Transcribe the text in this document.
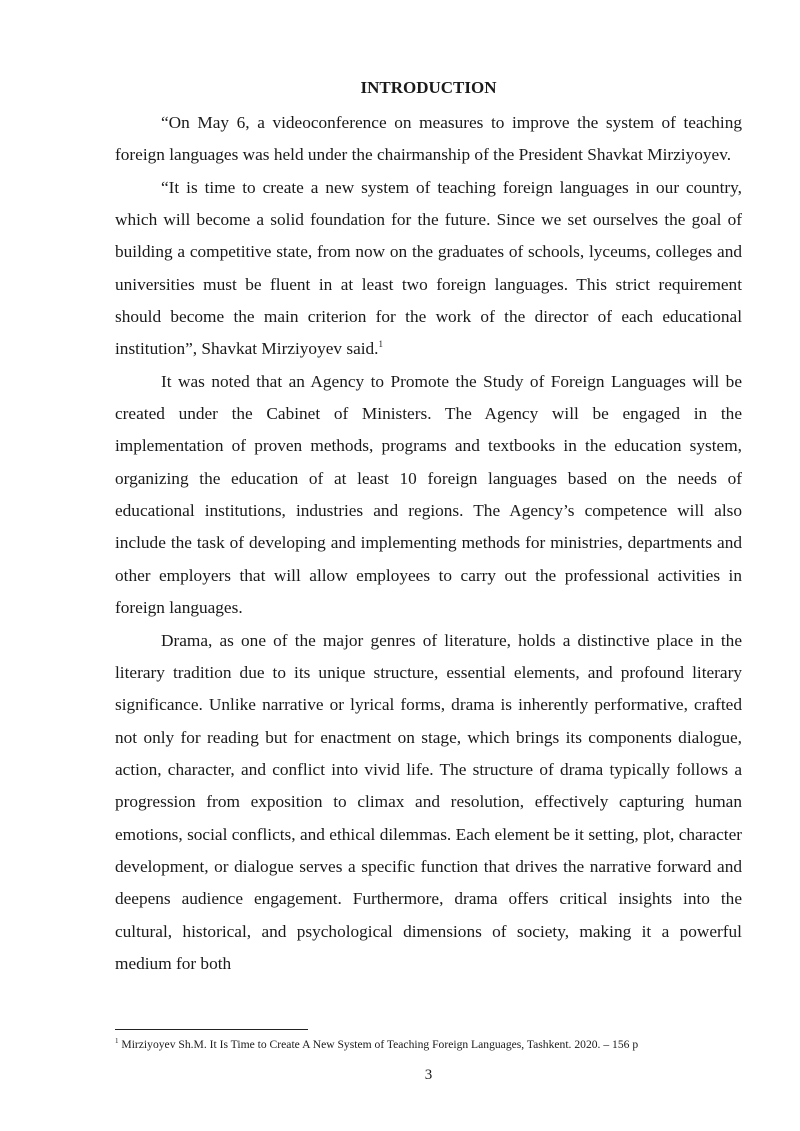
INTRODUCTION

“On May 6, a videoconference on measures to improve the system of teaching foreign languages was held under the chairmanship of the President Shavkat Mirziyoyev.

“It is time to create a new system of teaching foreign languages in our country, which will become a solid foundation for the future. Since we set ourselves the goal of building a competitive state, from now on the graduates of schools, lyceums, colleges and universities must be fluent in at least two foreign languages. This strict requirement should become the main criterion for the work of the director of each educational institution”, Shavkat Mirziyoyev said.$^1$

It was noted that an Agency to Promote the Study of Foreign Languages will be created under the Cabinet of Ministers. The Agency will be engaged in the implementation of proven methods, programs and textbooks in the education system, organizing the education of at least 10 foreign languages based on the needs of educational institutions, industries and regions. The Agency’s competence will also include the task of developing and implementing methods for ministries, departments and other employers that will allow employees to carry out the professional activities in foreign languages.

Drama, as one of the major genres of literature, holds a distinctive place in the literary tradition due to its unique structure, essential elements, and profound literary significance. Unlike narrative or lyrical forms, drama is inherently performative, crafted not only for reading but for enactment on stage, which brings its components dialogue, action, character, and conflict into vivid life. The structure of drama typically follows a progression from exposition to climax and resolution, effectively capturing human emotions, social conflicts, and ethical dilemmas. Each element be it setting, plot, character development, or dialogue serves a specific function that drives the narrative forward and deepens audience engagement. Furthermore, drama offers critical insights into the cultural, historical, and psychological dimensions of society, making it a powerful medium for both

$^1$ Mirziyoyev Sh.M. It Is Time to Create A New System of Teaching Foreign Languages, Tashkent. 2020. – 156 p

3
